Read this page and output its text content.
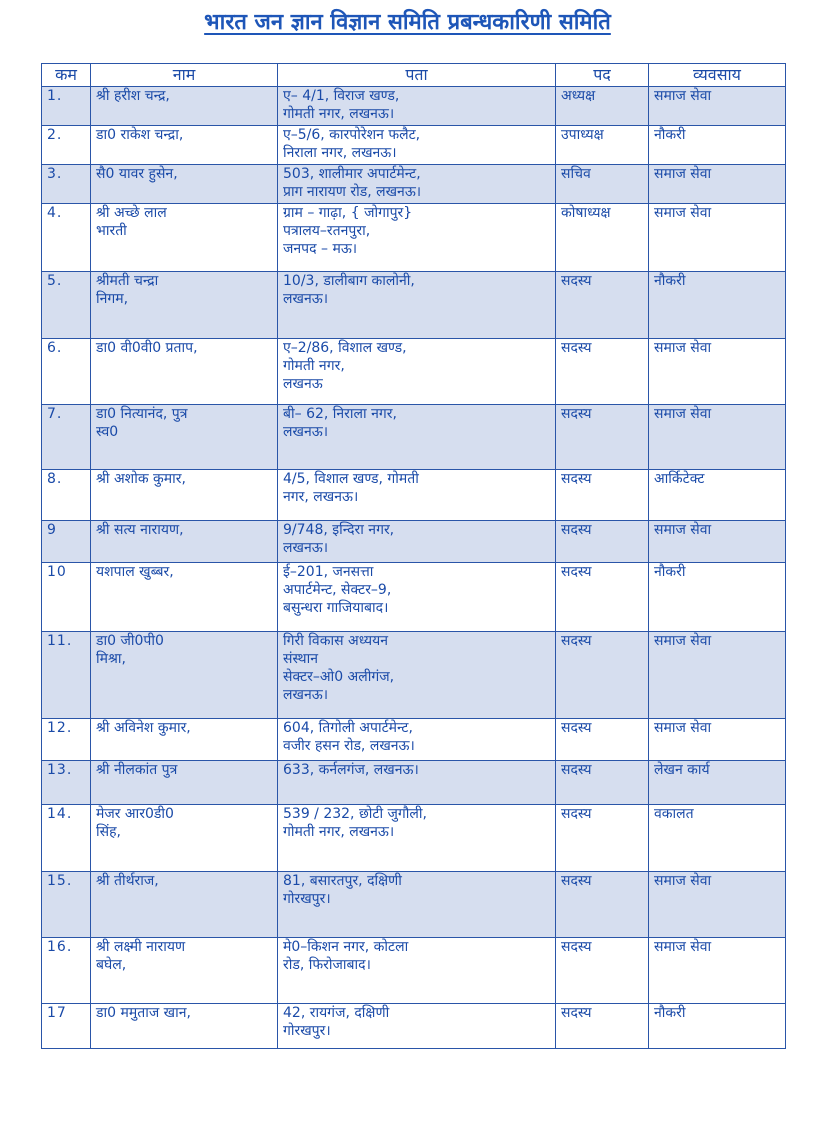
भारत जन ज्ञान विज्ञान समिति प्रबन्धकारिणी समिति
कम	नाम	पता	पद	व्यवसाय
1.	श्री हरीश चन्द्र,	ए– 4/1, विराज खण्ड,
गोमती नगर, लखनऊ।	अध्यक्ष	समाज सेवा
2.	डा0 राकेश चन्द्रा,	ए–5/6, कारपोरेशन फलैट,
निराला नगर, लखनऊ।	उपाध्यक्ष	नौकरी
3.	सै0 यावर हुसेन,	503, शालीमार अपार्टमेन्ट,
प्राग नारायण रोड, लखनऊ।	सचिव	समाज सेवा
4.	श्री अच्छे लाल
भारती	ग्राम – गाढ़ा, { जोगापुर}
पत्रालय–रतनपुरा,
जनपद – मऊ।	कोषाध्यक्ष	समाज सेवा
5.	श्रीमती चन्द्रा
निगम,	10/3, डालीबाग कालोनी,
लखनऊ।	सदस्य	नौकरी
6.	डा0 वी0वी0 प्रताप,	ए–2/86, विशाल खण्ड,
गोमती नगर,
लखनऊ	सदस्य	समाज सेवा
7.	डा0 नित्यानंद, पुत्र
स्व0	बी– 62, निराला नगर,
लखनऊ।	सदस्य	समाज सेवा
8.	श्री अशोक कुमार,	4/5, विशाल खण्ड, गोमती
नगर, लखनऊ।	सदस्य	आर्किटेक्ट
9	श्री सत्य नारायण,	9/748, इन्दिरा नगर,
लखनऊ।	सदस्य	समाज सेवा
10	यशपाल खुब्बर,	ई–201, जनसत्ता
अपार्टमेन्ट, सेक्टर–9,
बसुन्धरा गाजियाबाद।	सदस्य	नौकरी
11.	डा0 जी0पी0
मिश्रा,	गिरी विकास अध्ययन
संस्थान
सेक्टर–ओ0 अलीगंज,
लखनऊ।	सदस्य	समाज सेवा
12.	श्री अविनेश कुमार,	604, तिगोली अपार्टमेन्ट,
वजीर हसन रोड, लखनऊ।	सदस्य	समाज सेवा
13.	श्री नीलकांत पुत्र	633, कर्नलगंज, लखनऊ।	सदस्य	लेखन कार्य
14.	मेजर आर0डी0
सिंह,	539 / 232, छोटी जुगौली,
गोमती नगर, लखनऊ।	सदस्य	वकालत
15.	श्री तीर्थराज,	81, बसारतपुर, दक्षिणी
गोरखपुर।	सदस्य	समाज सेवा
16.	श्री लक्ष्मी नारायण
बघेल,	मे0–किशन नगर, कोटला
रोड, फिरोजाबाद।	सदस्य	समाज सेवा
17	डा0 ममुताज खान,	42, रायगंज, दक्षिणी
गोरखपुर।	सदस्य	नौकरी
